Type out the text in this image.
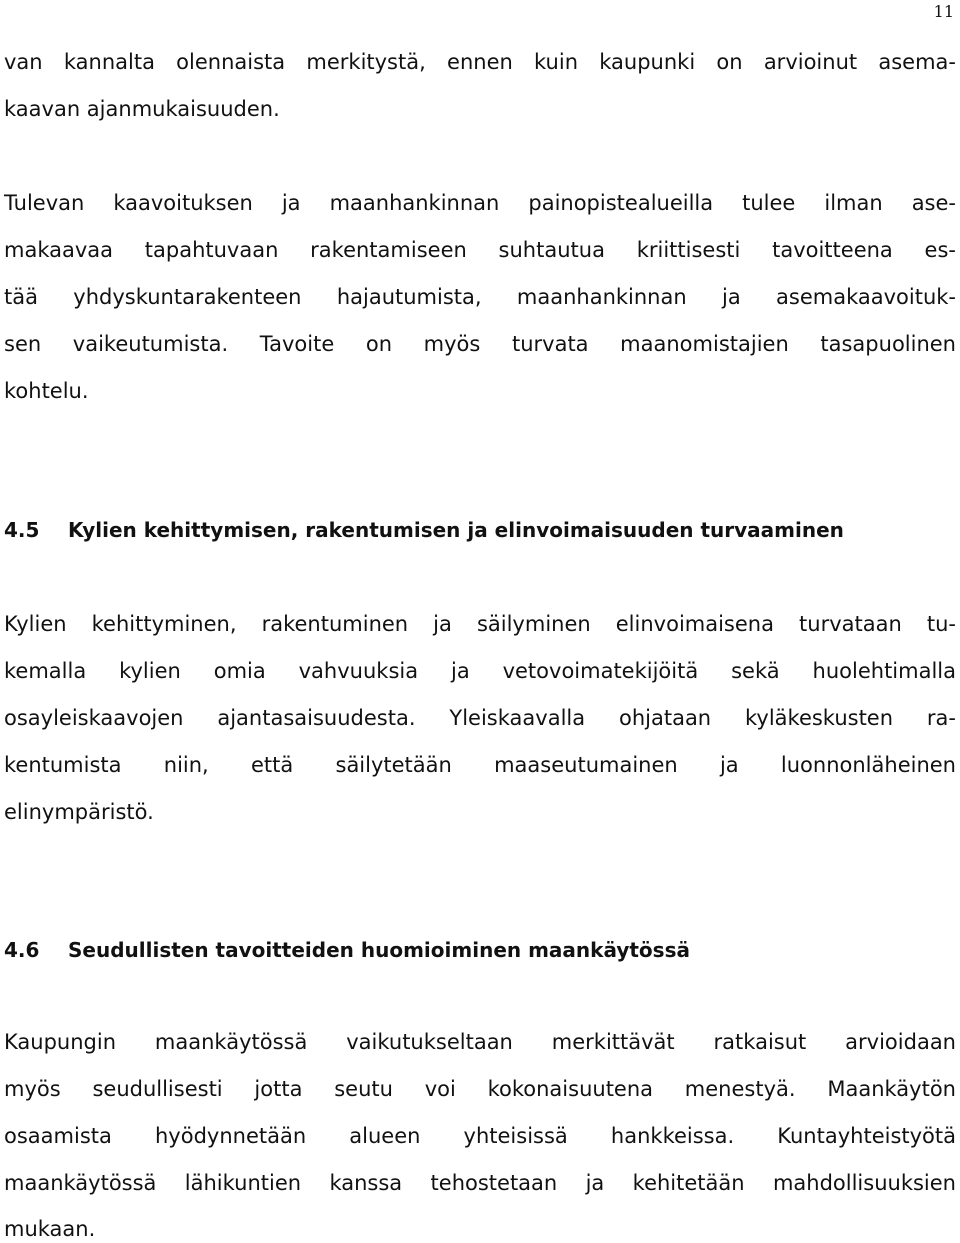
11
van kannalta olennaista merkitystä, ennen kuin kaupunki on arvioinut asema-
kaavan ajanmukaisuuden.
Tulevan kaavoituksen ja maanhankinnan painopistealueilla tulee ilman ase-
makaavaa tapahtuvaan rakentamiseen suhtautua kriittisesti tavoitteena es-
tää yhdyskuntarakenteen hajautumista, maanhankinnan ja asemakaavoituk-
sen vaikeutumista. Tavoite on myös turvata maanomistajien tasapuolinen
kohtelu.
4.5 Kylien kehittymisen, rakentumisen ja elinvoimaisuuden turvaaminen
Kylien kehittyminen, rakentuminen ja säilyminen elinvoimaisena turvataan tu-
kemalla kylien omia vahvuuksia ja vetovoimatekijöitä sekä huolehtimalla
osayleiskaavojen ajantasaisuudesta. Yleiskaavalla ohjataan kyläkeskusten ra-
kentumista niin, että säilytetään maaseutumainen ja luonnonläheinen
elinympäristö.
4.6 Seudullisten tavoitteiden huomioiminen maankäytössä
Kaupungin maankäytössä vaikutukseltaan merkittävät ratkaisut arvioidaan
myös seudullisesti jotta seutu voi kokonaisuutena menestyä. Maankäytön
osaamista hyödynnetään alueen yhteisissä hankkeissa. Kuntayhteistyötä
maankäytössä lähikuntien kanssa tehostetaan ja kehitetään mahdollisuuksien
mukaan.
